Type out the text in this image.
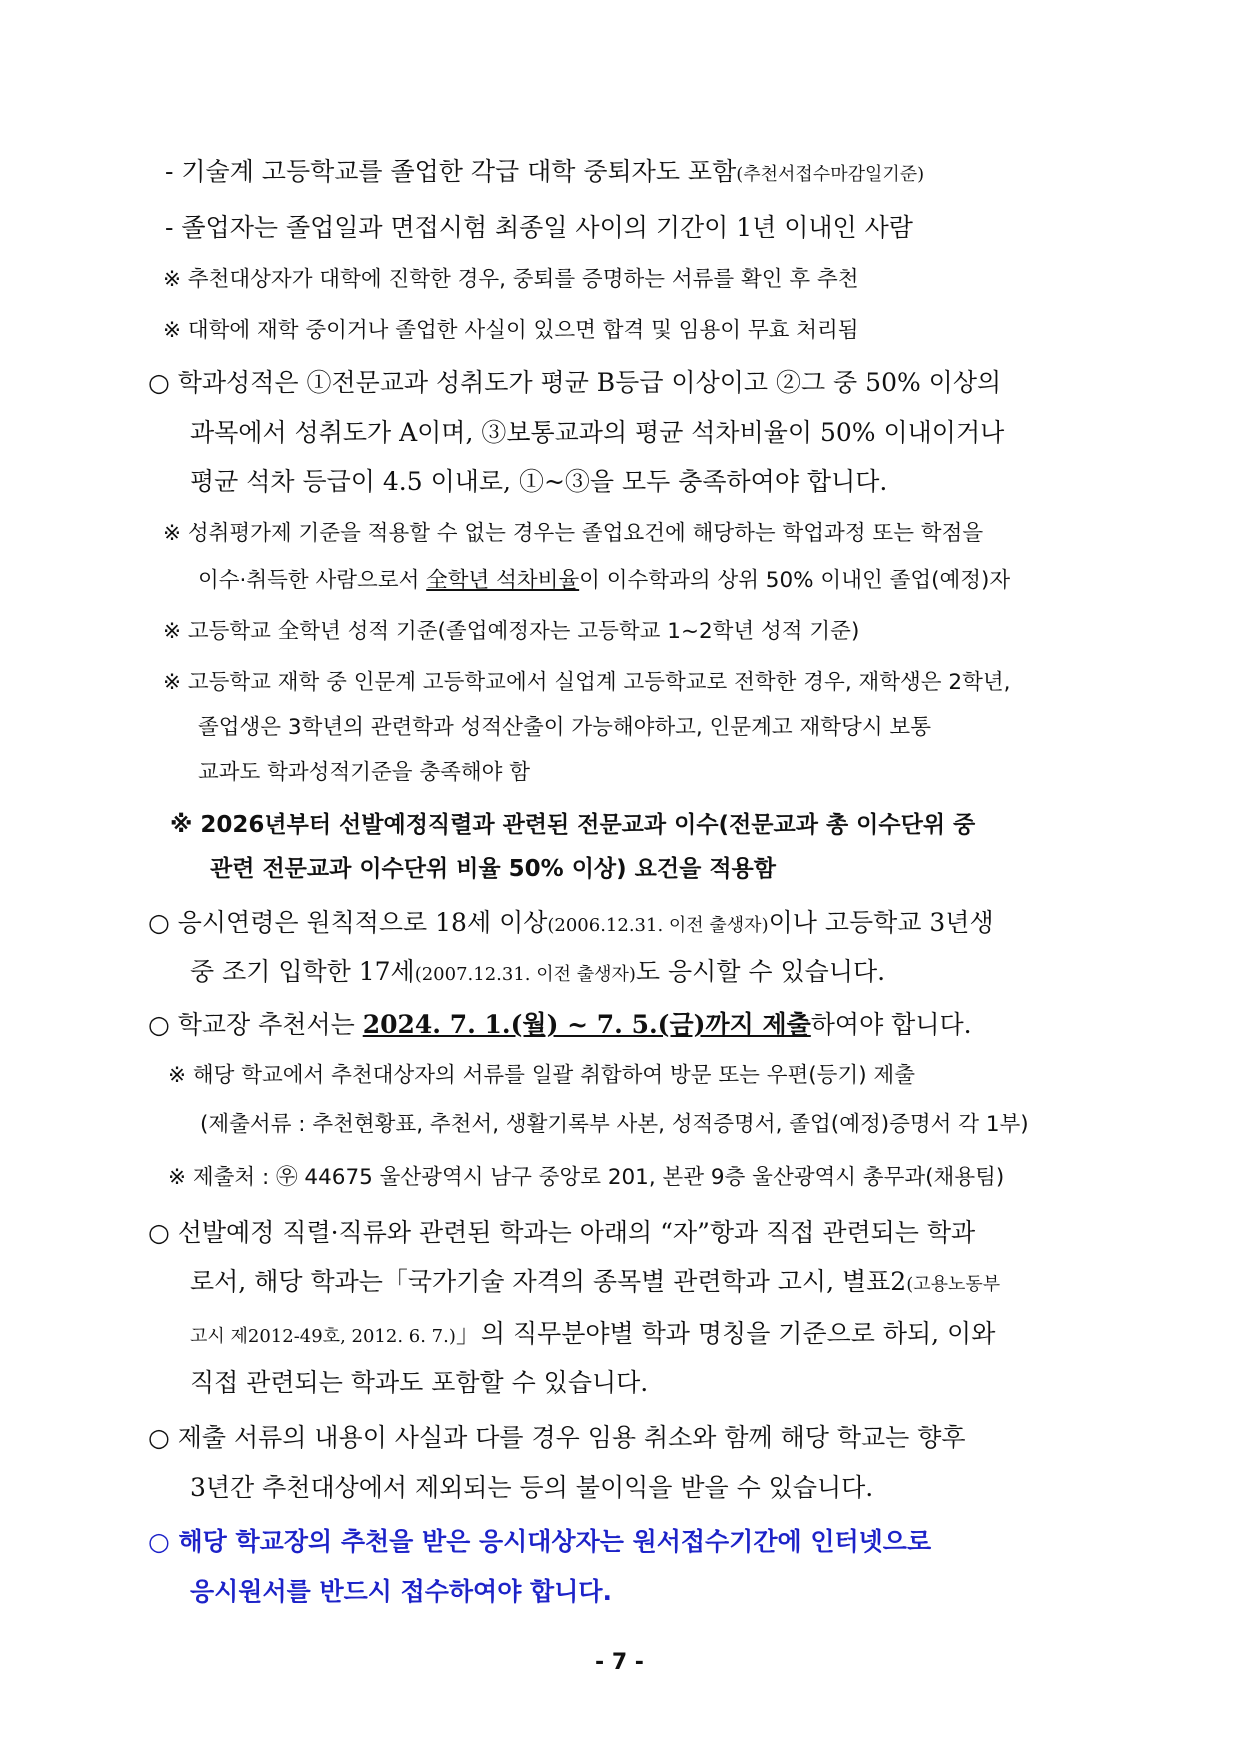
- 기술계 고등학교를 졸업한 각급 대학 중퇴자도 포함(추천서접수마감일기준)
- 졸업자는 졸업일과 면접시험 최종일 사이의 기간이 1년 이내인 사람
※ 추천대상자가 대학에 진학한 경우, 중퇴를 증명하는 서류를 확인 후 추천
※ 대학에 재학 중이거나 졸업한 사실이 있으면 합격 및 임용이 무효 처리됨
○ 학과성적은 ①전문교과 성취도가 평균 B등급 이상이고 ②그 중 50% 이상의
과목에서 성취도가 A이며, ③보통교과의 평균 석차비율이 50% 이내이거나
평균 석차 등급이 4.5 이내로, ①~③을 모두 충족하여야 합니다.
※ 성취평가제 기준을 적용할 수 없는 경우는 졸업요건에 해당하는 학업과정 또는 학점을
이수·취득한 사람으로서 全학년 석차비율이 이수학과의 상위 50% 이내인 졸업(예정)자
※ 고등학교 全학년 성적 기준(졸업예정자는 고등학교 1~2학년 성적 기준)
※ 고등학교 재학 중 인문계 고등학교에서 실업계 고등학교로 전학한 경우, 재학생은 2학년,
졸업생은 3학년의 관련학과 성적산출이 가능해야하고, 인문계고 재학당시 보통
교과도 학과성적기준을 충족해야 함
※ 2026년부터 선발예정직렬과 관련된 전문교과 이수(전문교과 총 이수단위 중
관련 전문교과 이수단위 비율 50% 이상) 요건을 적용함
○ 응시연령은 원칙적으로 18세 이상(2006.12.31. 이전 출생자)이나 고등학교 3년생
중 조기 입학한 17세(2007.12.31. 이전 출생자)도 응시할 수 있습니다.
○ 학교장 추천서는 2024. 7. 1.(월) ~ 7. 5.(금)까지 제출하여야 합니다.
※ 해당 학교에서 추천대상자의 서류를 일괄 취합하여 방문 또는 우편(등기) 제출
(제출서류 : 추천현황표, 추천서, 생활기록부 사본, 성적증명서, 졸업(예정)증명서 각 1부)
※ 제출처 : ㉾ 44675 울산광역시 남구 중앙로 201, 본관 9층 울산광역시 총무과(채용팀)
○ 선발예정 직렬·직류와 관련된 학과는 아래의 “자”항과 직접 관련되는 학과
로서, 해당 학과는「국가기술 자격의 종목별 관련학과 고시, 별표2(고용노동부
고시 제2012-49호, 2012. 6. 7.)」의 직무분야별 학과 명칭을 기준으로 하되, 이와
직접 관련되는 학과도 포함할 수 있습니다.
○ 제출 서류의 내용이 사실과 다를 경우 임용 취소와 함께 해당 학교는 향후
3년간 추천대상에서 제외되는 등의 불이익을 받을 수 있습니다.
○ 해당 학교장의 추천을 받은 응시대상자는 원서접수기간에 인터넷으로
응시원서를 반드시 접수하여야 합니다.
- 7 -
